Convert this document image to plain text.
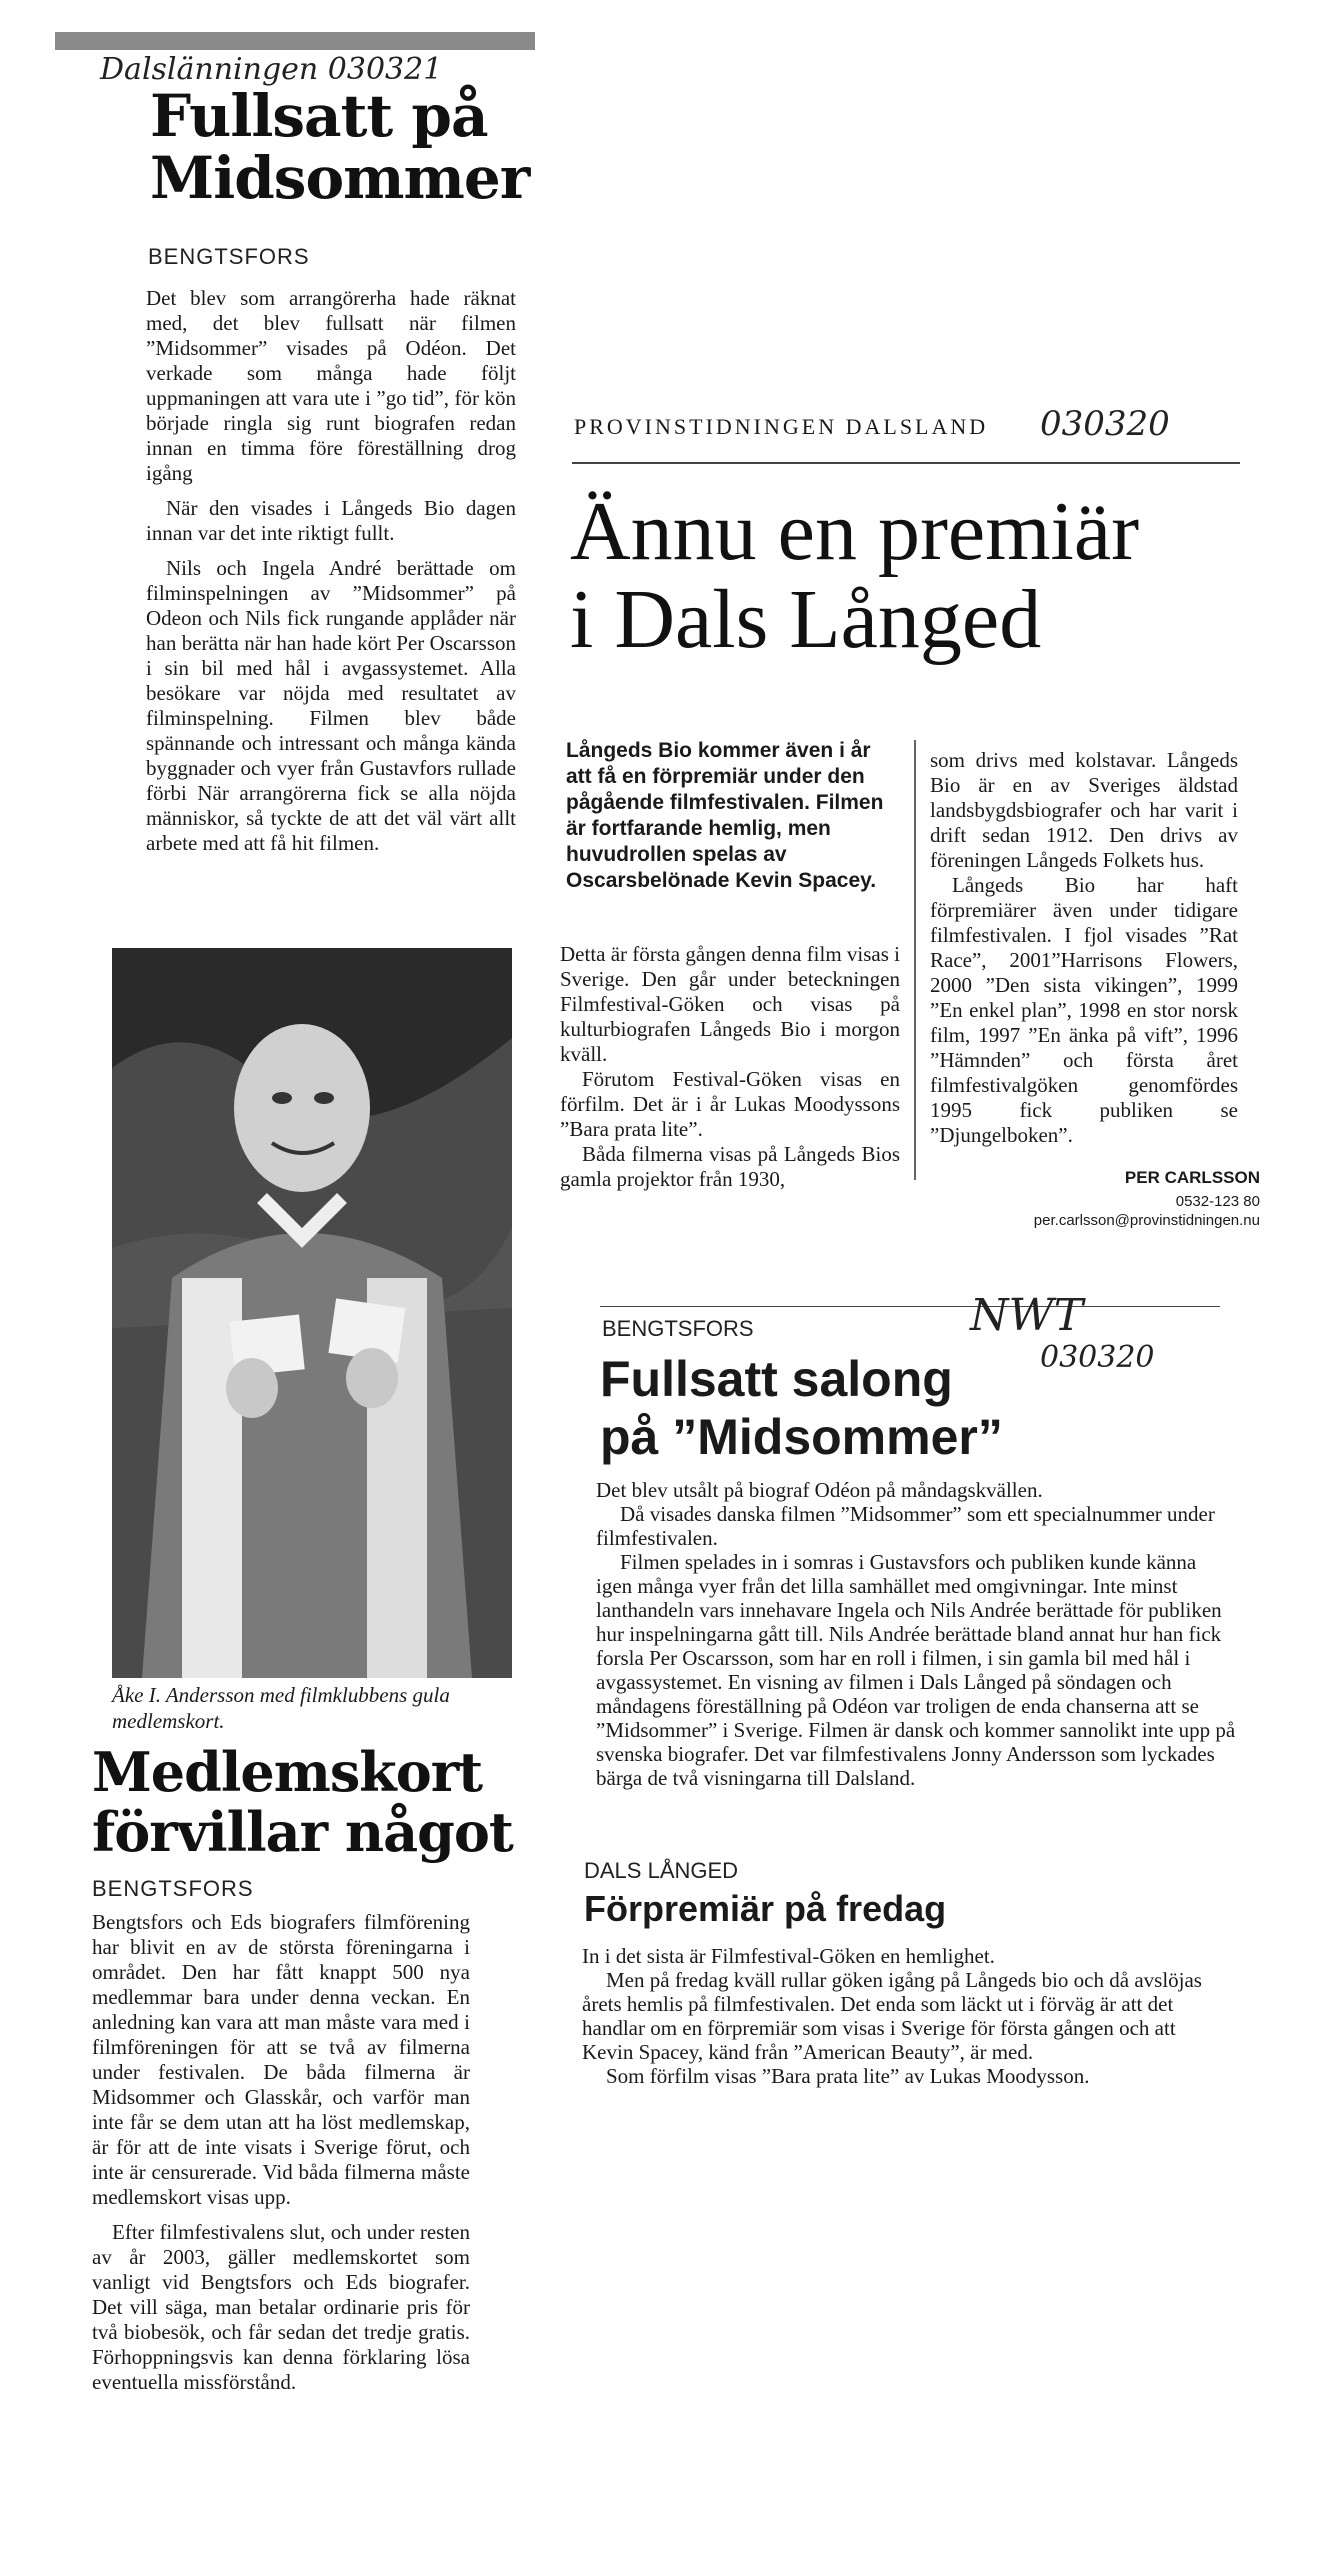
Dalslänningen 030321
Fullsatt på
Midsommer
BENGTSFORS

Det blev som arrangörerha hade räknat med, det blev fullsatt när filmen ”Midsommer” visades på Odéon. Det verkade som många hade följt uppmaningen att vara ute i ”go tid”, för kön började ringla sig runt biografen redan innan en timma före föreställning drog igång

När den visades i Långeds Bio dagen innan var det inte riktigt fullt.

Nils och Ingela André berättade om filminspelningen av ”Midsommer” på Odeon och Nils fick rungande applåder när han berätta när han hade kört Per Oscarsson i sin bil med hål i avgassystemet. Alla besökare var nöjda med resultatet av filminspelning. Filmen blev både spännande och intressant och många kända byggnader och vyer från Gustavfors rullade förbi När arrangörerna fick se alla nöjda människor, så tyckte de att det väl värt allt arbete med att få hit filmen.

Åke I. Andersson med filmklubbens gula medlemskort.
Medlemskort
förvillar något
BENGTSFORS

Bengtsfors och Eds biografers filmförening har blivit en av de största föreningarna i området. Den har fått knappt 500 nya medlemmar bara under denna veckan. En anledning kan vara att man måste vara med i filmföreningen för att se två av filmerna under festivalen. De båda filmerna är Midsommer och Glasskår, och varför man inte får se dem utan att ha löst medlemskap, är för att de inte visats i Sverige förut, och inte är censurerade. Vid båda filmerna måste medlemskort visas upp.

Efter filmfestivalens slut, och under resten av år 2003, gäller medlemskortet som vanligt vid Bengtsfors och Eds biografer. Det vill säga, man betalar ordinarie pris för två biobesök, och får sedan det tredje gratis. Förhoppningsvis kan denna förklaring lösa eventuella missförstånd.

PROVINSTIDNINGEN DALSLAND 030320
Ännu en premiär
i Dals Långed
Långeds Bio kommer även i år att få en förpremiär under den pågående filmfestivalen. Filmen är fortfarande hemlig, men huvudrollen spelas av Oscarsbelönade Kevin Spacey.

Detta är första gången denna film visas i Sverige. Den går under beteckningen Filmfestival-Göken och visas på kulturbiografen Långeds Bio i morgon kväll.

Förutom Festival-Göken visas en förfilm. Det är i år Lukas Moodyssons ”Bara prata lite”.

Båda filmerna visas på Långeds Bios gamla projektor från 1930,

som drivs med kolstavar. Långeds Bio är en av Sveriges äldstad landsbygdsbiografer och har varit i drift sedan 1912. Den drivs av föreningen Långeds Folkets hus.

Långeds Bio har haft förpremiärer även under tidigare filmfestivalen. I fjol visades ”Rat Race”, 2001”Harrisons Flowers, 2000 ”Den sista vikingen”, 1999 ”En enkel plan”, 1998 en stor norsk film, 1997 ”En änka på vift”, 1996 ”Hämnden” och första året filmfestivalgöken genomfördes 1995 fick publiken se ”Djungelboken”.

PER CARLSSON
0532-123 80
per.carlsson@provinstidningen.nu
NWT
030320
BENGTSFORS
Fullsatt salong
på ”Midsommer”

Det blev utsålt på biograf Odéon på måndagskvällen.

Då visades danska filmen ”Midsommer” som ett specialnummer under filmfestivalen.

Filmen spelades in i somras i Gustavsfors och publiken kunde känna igen många vyer från det lilla samhället med omgivningar. Inte minst lanthandeln vars innehavare Ingela och Nils Andrée berättade för publiken hur inspelningarna gått till. Nils Andrée berättade bland annat hur han fick forsla Per Oscarsson, som har en roll i filmen, i sin gamla bil med hål i avgassystemet. En visning av filmen i Dals Långed på söndagen och måndagens föreställning på Odéon var troligen de enda chanserna att se ”Midsommer” i Sverige. Filmen är dansk och kommer sannolikt inte upp på svenska biografer. Det var filmfestivalens Jonny Andersson som lyckades bärga de två visningarna till Dalsland.

DALS LÅNGED
Förpremiär på fredag

In i det sista är Filmfestival-Göken en hemlighet.

Men på fredag kväll rullar göken igång på Långeds bio och då avslöjas årets hemlis på filmfestivalen. Det enda som läckt ut i förväg är att det handlar om en förpremiär som visas i Sverige för första gången och att Kevin Spacey, känd från ”American Beauty”, är med.

Som förfilm visas ”Bara prata lite” av Lukas Moodysson.
